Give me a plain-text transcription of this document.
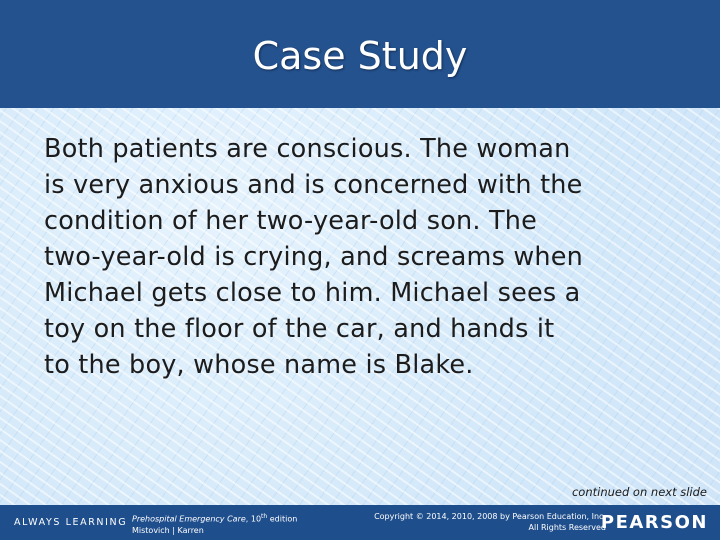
Case Study

Both patients are conscious. The woman
is very anxious and is concerned with the
condition of her two-year-old son. The
two-year-old is crying, and screams when
Michael gets close to him. Michael sees a
toy on the floor of the car, and hands it
to the boy, whose name is Blake.

continued on next slide
ALWAYS LEARNING Prehospital Emergency Care, 10th edition
Mistovich | Karren
Copyright © 2014, 2010, 2008 by Pearson Education, Inc.
All Rights Reserved
PEARSON
